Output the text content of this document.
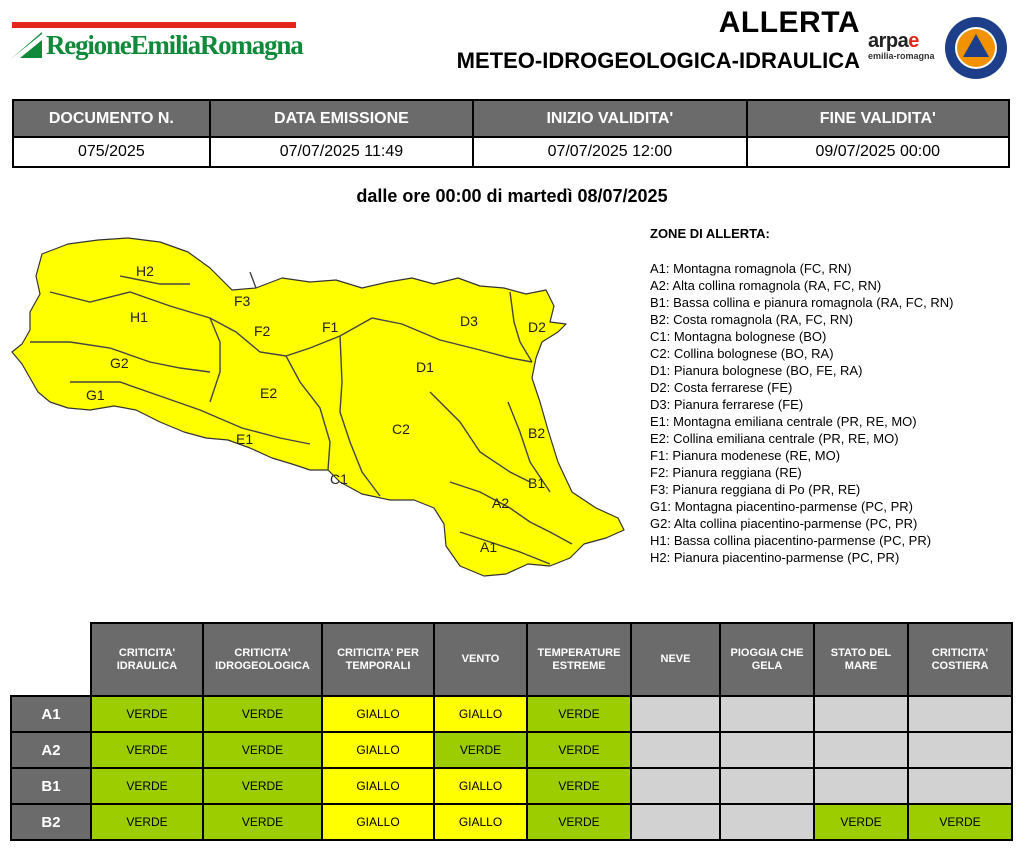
RegioneEmiliaRomagna
ALLERTA
METEO-IDROGEOLOGICA-IDRAULICA
arpae
emilia-romagna
DOCUMENTO N.	DATA EMISSIONE	INIZIO VALIDITA'	FINE VALIDITA'
075/2025	07/07/2025 11:49	07/07/2025 12:00	09/07/2025 00:00
dalle ore 00:00 di martedì 08/07/2025
H2
F3
H1
F2	F1	D3	D2
G2	D1
G1	E2
B2
C2
E1
B1
C1
A2
A1
ZONE DI ALLERTA:
A1: Montagna romagnola (FC, RN)
A2: Alta collina romagnola (RA, FC, RN)
B1: Bassa collina e pianura romagnola (RA, FC, RN)
B2: Costa romagnola (RA, FC, RN)
C1: Montagna bolognese (BO)
C2: Collina bolognese (BO, RA)
D1: Pianura bolognese (BO, FE, RA)
D2: Costa ferrarese (FE)
D3: Pianura ferrarese (FE)
E1: Montagna emiliana centrale (PR, RE, MO)
E2: Collina emiliana centrale (PR, RE, MO)
F1: Pianura modenese (RE, MO)
F2: Pianura reggiana (RE)
F3: Pianura reggiana di Po (PR, RE)
G1: Montagna piacentino-parmense (PC, PR)
G2: Alta collina piacentino-parmense (PC, PR)
H1: Bassa collina piacentino-parmense (PC, PR)
H2: Pianura piacentino-parmense (PC, PR)
	CRITICITA' IDRAULICA	CRITICITA' IDROGEOLOGICA	CRITICITA' PER TEMPORALI	VENTO	TEMPERATURE ESTREME	NEVE	PIOGGIA CHE GELA	STATO DEL MARE	CRITICITA' COSTIERA
A1	VERDE	VERDE	GIALLO	GIALLO	VERDE				
A2	VERDE	VERDE	GIALLO	VERDE	VERDE				
B1	VERDE	VERDE	GIALLO	GIALLO	VERDE				
B2	VERDE	VERDE	GIALLO	GIALLO	VERDE			VERDE	VERDE
